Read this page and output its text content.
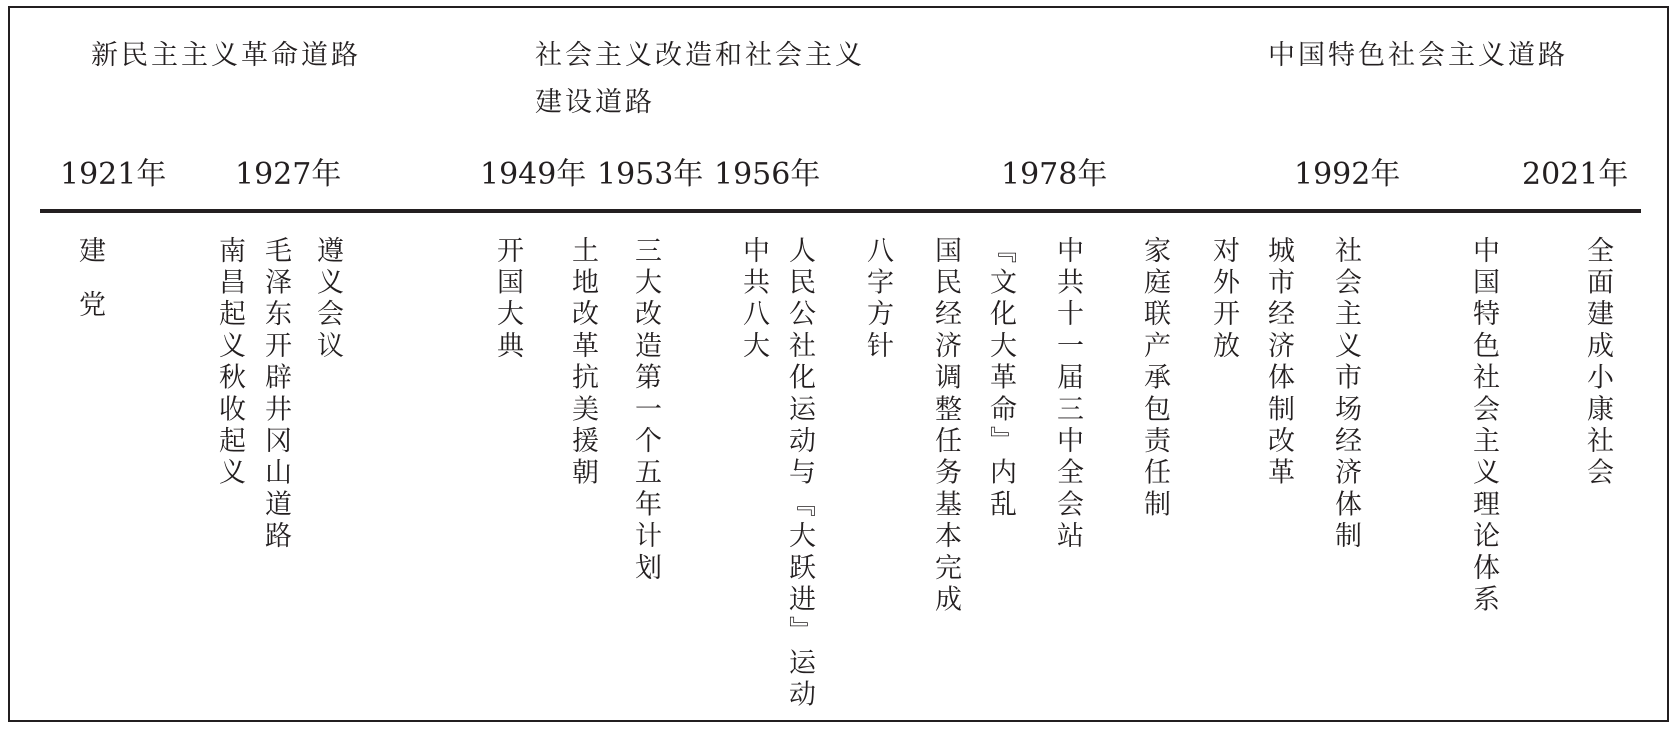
新民主主义革命道路	社会主义改造和社会主义建设道路
中国特色社会主义道路
1921年 1927年	1949年 1953年 1956年	1978年	1992年	2021年
建　党	南昌起义秋收起义 毛泽东开辟井冈山道路 遵义会议	开国大典 土地改革抗美援朝 三大改造第一个五年计划	中共八大 人民公社化运动与『大跃进』运动 八字方针 国民经济调整任务基本完成 『文化大革命』内乱 中共十一届三中全会站 家庭联产承包责任制 对外开放 城市经济体制改革 社会主义市场经济体制	中国特色社会主义理论体系	全面建成小康社会
